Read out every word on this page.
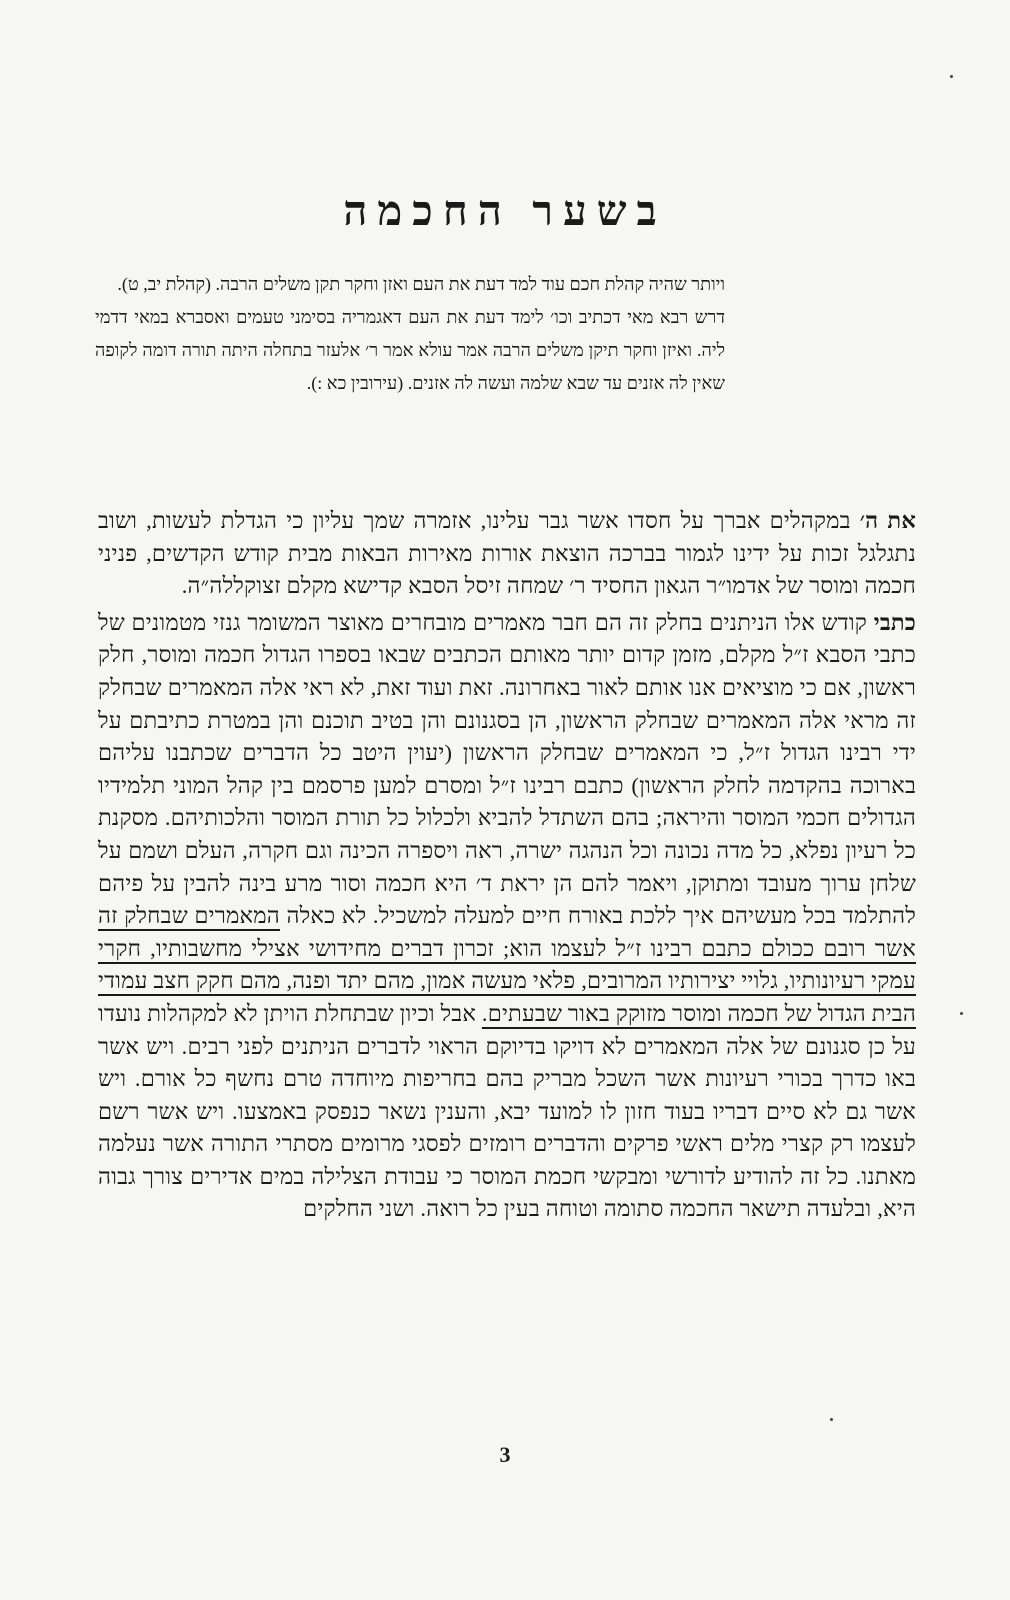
בשער החכמה

ויותר שהיה קהלת חכם עוד למד דעת את העם ואזן וחקר תקן משלים הרבה. (קהלת יב, ט).

דרש רבא מאי דכתיב וכו׳ לימד דעת את העם דאגמריה בסימני טעמים ואסברא במאי דדמי ליה. ואיזן וחקר תיקן משלים הרבה אמר עולא אמר ר׳ אלעזר בתחלה היתה תורה דומה לקופה שאין לה אזנים עד שבא שלמה ועשה לה אזנים. (עירובין כא :).

את ה׳ במקהלים אברך על חסדו אשר גבר עלינו, אזמרה שמך עליון כי הגדלת לעשות, ושוב נתגלגל זכות על ידינו לגמור בברכה הוצאת אורות מאירות הבאות מבית קודש הקדשים, פניני חכמה ומוסר של אדמו״ר הגאון החסיד ר׳ שמחה זיסל הסבא קדישא מקלם זצוקללה״ה.

כתבי קודש אלו הניתנים בחלק זה הם חבר מאמרים מובחרים מאוצר המשומר גנזי מטמונים של כתבי הסבא ז״ל מקלם, מזמן קדום יותר מאותם הכתבים שבאו בספרו הגדול חכמה ומוסר, חלק ראשון, אם כי מוציאים אנו אותם לאור באחרונה. זאת ועוד זאת, לא ראי אלה המאמרים שבחלק זה מראי אלה המאמרים שבחלק הראשון, הן בסגנונם והן בטיב תוכנם והן במטרת כתיבתם על ידי רבינו הגדול ז״ל, כי המאמרים שבחלק הראשון (יעוין היטב כל הדברים שכתבנו עליהם בארוכה בהקדמה לחלק הראשון) כתבם רבינו ז״ל ומסרם למען פרסמם בין קהל המוני תלמידיו הגדולים חכמי המוסר והיראה; בהם השתדל להביא ולכלול כל תורת המוסר והלכותיהם. מסקנת כל רעיון נפלא, כל מדה נכונה וכל הנהגה ישרה, ראה ויספרה הכינה וגם חקרה, העלם ושמם על שלחן ערוך מעובד ומתוקן, ויאמר להם הן יראת ד׳ היא חכמה וסור מרע בינה להבין על פיהם להתלמד בכל מעשיהם איך ללכת באורח חיים למעלה למשכיל. לא כאלה המאמרים שבחלק זה אשר רובם ככולם כתבם רבינו ז״ל לעצמו הוא; זכרון דברים מחידושי אצילי מחשבותיו, חקרי עמקי רעיונותיו, גלויי יצירותיו המרובים, פלאי מעשה אמון, מהם יתד ופנה, מהם חקק חצב עמודי הבית הגדול של חכמה ומוסר מזוקק באור שבעתים. אבל וכיון שבתחלת הויתן לא למקהלות נועדו על כן סגנונם של אלה המאמרים לא דויקו בדיוקם הראוי לדברים הניתנים לפני רבים. ויש אשר באו כדרך בכורי רעיונות אשר השכל מבריק בהם בחריפות מיוחדה טרם נחשף כל אורם. ויש אשר גם לא סיים דבריו בעוד חזון לו למועד יבא, והענין נשאר כנפסק באמצעו. ויש אשר רשם לעצמו רק קצרי מלים ראשי פרקים והדברים רומזים לפסגי מרומים מסתרי התורה אשר נעלמה מאתנו. כל זה להודיע לדורשי ומבקשי חכמת המוסר כי עבודת הצלילה במים אדירים צורך גבוה היא, ובלעדה תישאר החכמה סתומה וטוחה בעין כל רואה. ושני החלקים

3
